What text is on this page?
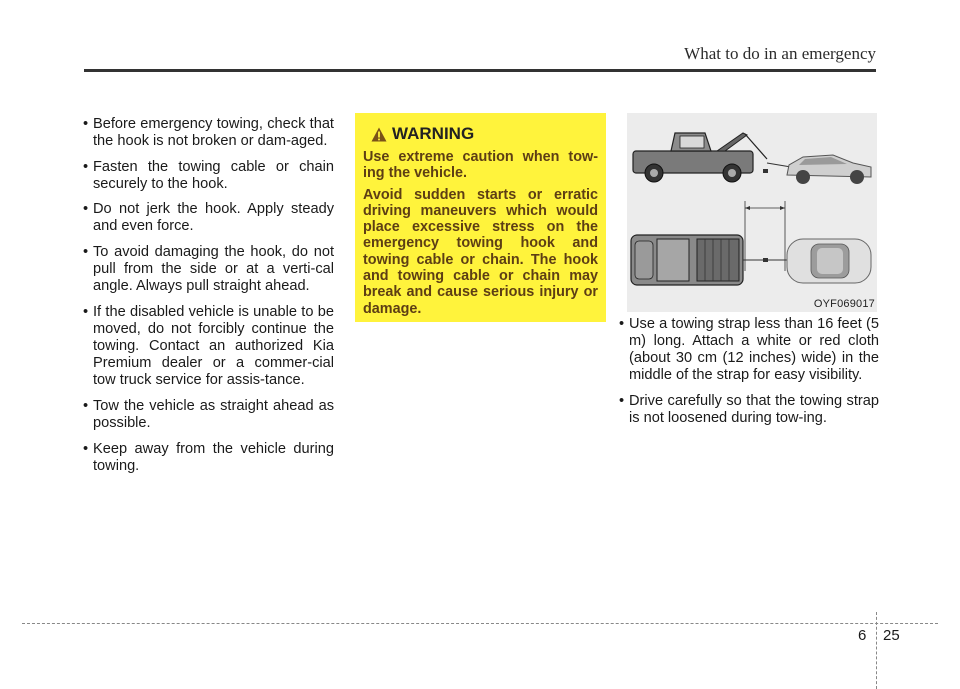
What to do in an emergency
• Before emergency towing, check that the hook is not broken or dam-aged.
• Fasten the towing cable or chain securely to the hook.
• Do not jerk the hook. Apply steady and even force.
• To avoid damaging the hook, do not pull from the side or at a verti-cal angle. Always pull straight ahead.
• If the disabled vehicle is unable to be moved, do not forcibly continue the towing. Contact an authorized Kia Premium dealer or a commer-cial tow truck service for assis-tance.
• Tow the vehicle as straight ahead as possible.
• Keep away from the vehicle during towing.
WARNING

Use extreme caution when tow-ing the vehicle.

Avoid sudden starts or erratic driving maneuvers which would place excessive stress on the emergency towing hook and towing cable or chain. The hook and towing cable or chain may break and cause serious injury or damage.	OYF069017
• Use a towing strap less than 16 feet (5 m) long. Attach a white or red cloth (about 30 cm (12 inches) wide) in the middle of the strap for easy visibility.
• Drive carefully so that the towing strap is not loosened during tow-ing.
6 25
